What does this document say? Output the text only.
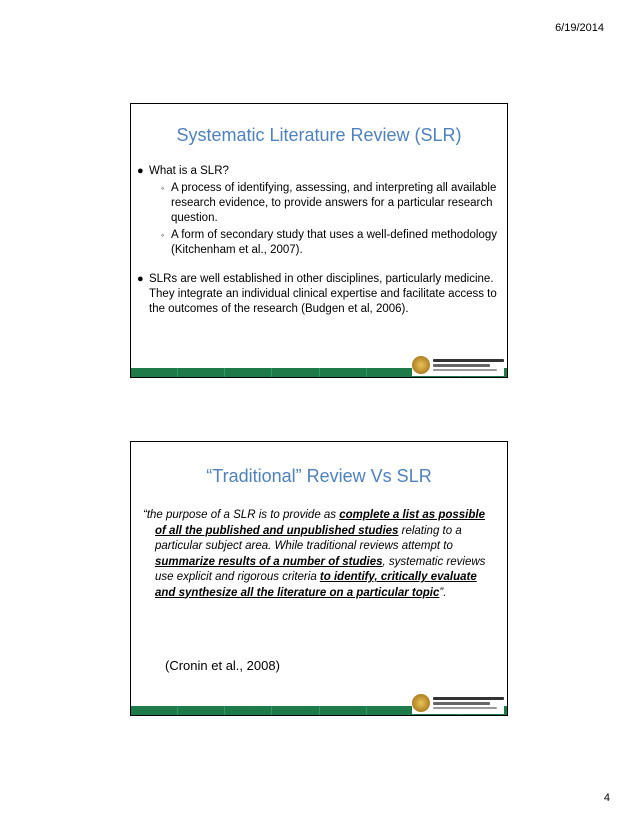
6/19/2014
Systematic Literature Review (SLR)
● What is a SLR?
◦ A process of identifying, assessing, and interpreting all available research evidence, to provide answers for a particular research question.
◦ A form of secondary study that uses a well-defined methodology (Kitchenham et al., 2007).
● SLRs are well established in other disciplines, particularly medicine. They integrate an individual clinical expertise and facilitate access to the outcomes of the research (Budgen et al, 2006).
“Traditional” Review Vs SLR
“the purpose of a SLR is to provide as complete a list as possible of all the published and unpublished studies relating to a particular subject area. While traditional reviews attempt to summarize results of a number of studies, systematic reviews use explicit and rigorous criteria to identify, critically evaluate and synthesize all the literature on a particular topic”.
(Cronin et al., 2008)
4
